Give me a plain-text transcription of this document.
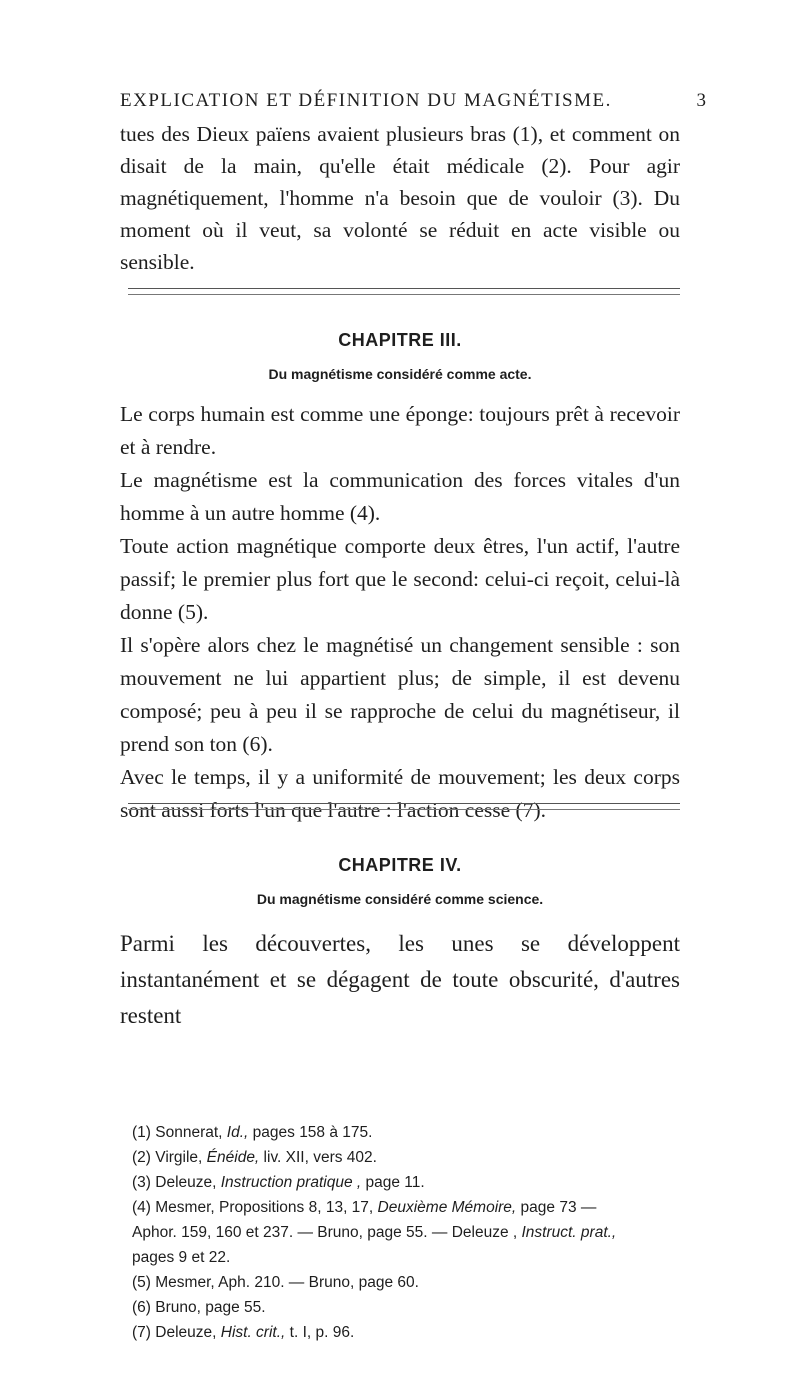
EXPLICATION ET DÉFINITION DU MAGNÉTISME.	3

tues des Dieux païens avaient plusieurs bras (1), et comment on disait de la main, qu'elle était médicale (2). Pour agir magnétiquement, l'homme n'a besoin que de vouloir (3). Du moment où il veut, sa volonté se réduit en acte visible ou sensible.

CHAPITRE III.
Du magnétisme considéré comme acte.

Le corps humain est comme une éponge: toujours prêt à recevoir et à rendre.

Le magnétisme est la communication des forces vitales d'un homme à un autre homme (4).

Toute action magnétique comporte deux êtres, l'un actif, l'autre passif; le premier plus fort que le second: celui-ci reçoit, celui-là donne (5).

Il s'opère alors chez le magnétisé un changement sensible : son mouvement ne lui appartient plus; de simple, il est devenu composé; peu à peu il se rapproche de celui du magnétiseur, il prend son ton (6).

Avec le temps, il y a uniformité de mouvement; les deux corps sont aussi forts l'un que l'autre : l'action cesse (7).

CHAPITRE IV.
Du magnétisme considéré comme science.

Parmi les découvertes, les unes se développent instantanément et se dégagent de toute obscurité, d'autres restent

(1) Sonnerat, Id., pages 158 à 175.
(2) Virgile, Énéide, liv. XII, vers 402.
(3) Deleuze, Instruction pratique , page 11.
(4) Mesmer, Propositions 8, 13, 17, Deuxième Mémoire, page 73 —
Aphor. 159, 160 et 237. — Bruno, page 55. — Deleuze , Instruct. prat.,
pages 9 et 22.
(5) Mesmer, Aph. 210. — Bruno, page 60.
(6) Bruno, page 55.
(7) Deleuze, Hist. crit., t. I, p. 96.
